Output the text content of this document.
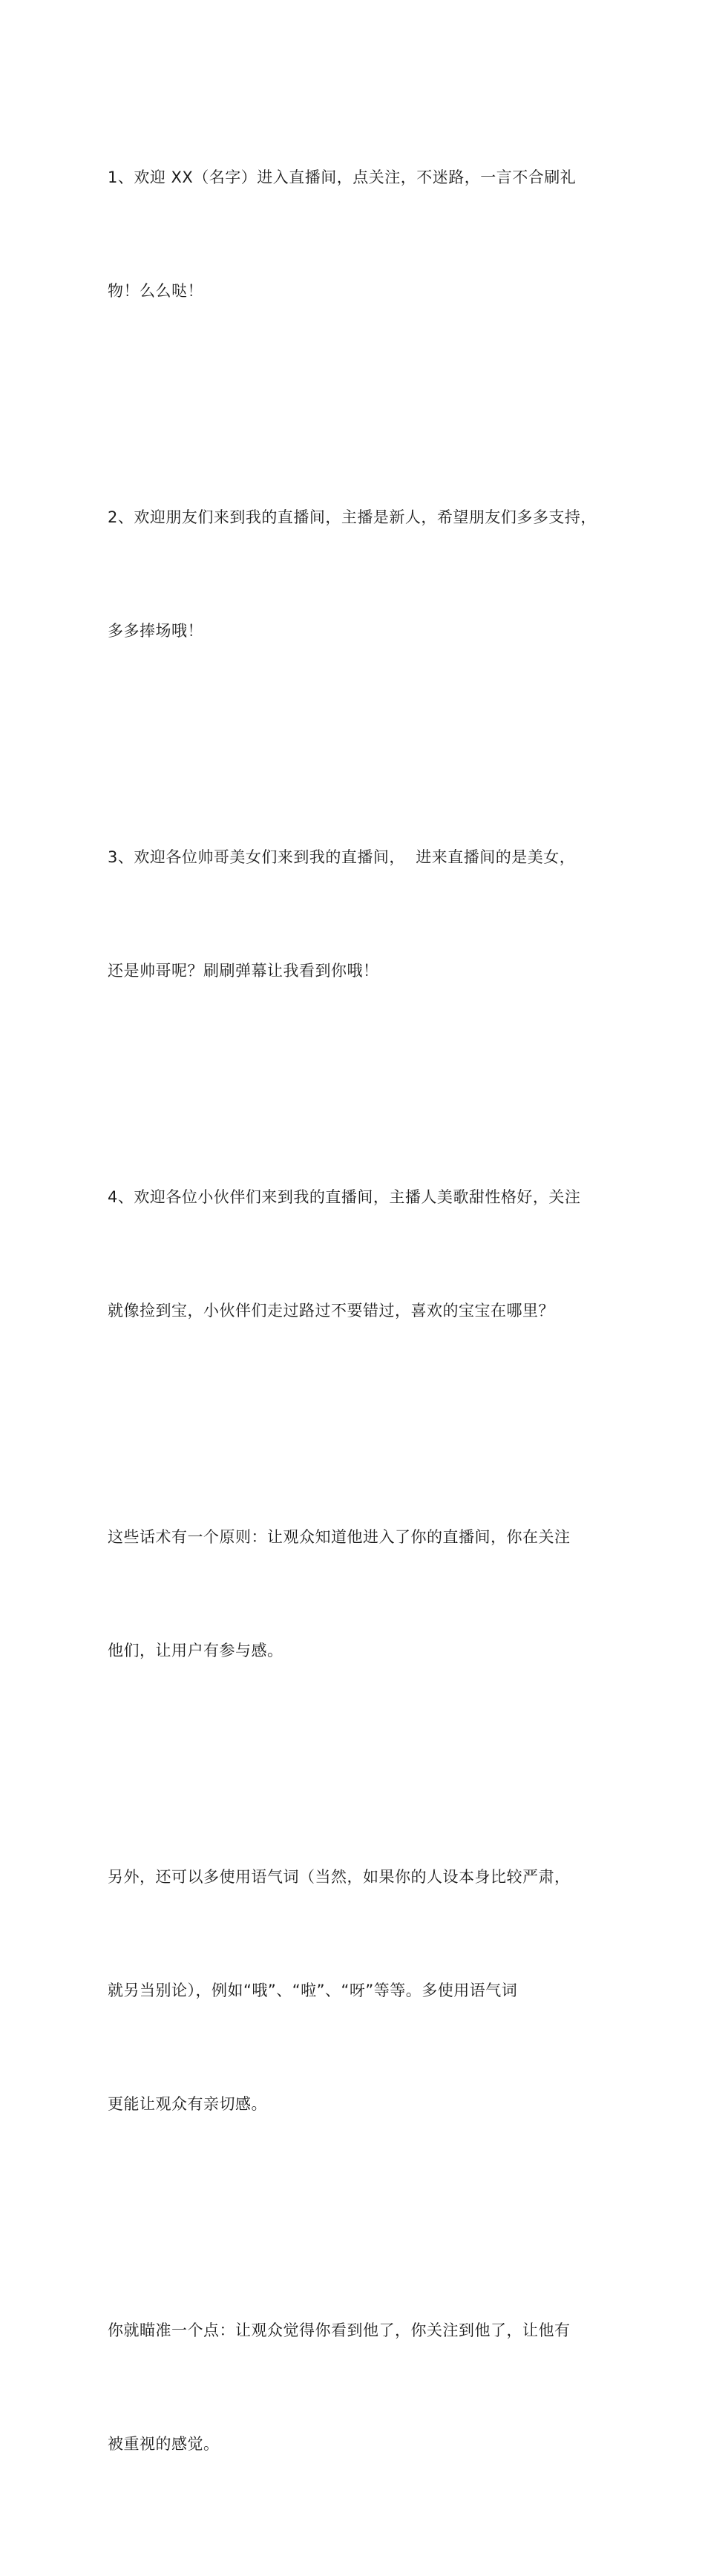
1、欢迎 XX（名字）进入直播间，点关注，不迷路，一言不合刷礼

物！么么哒！

2、欢迎朋友们来到我的直播间，主播是新人，希望朋友们多多支持，

多多捧场哦！

3、欢迎各位帅哥美女们来到我的直播间，  进来直播间的是美女，

还是帅哥呢？刷刷弹幕让我看到你哦！

4、欢迎各位小伙伴们来到我的直播间，主播人美歌甜性格好，关注

就像捡到宝，小伙伴们走过路过不要错过，喜欢的宝宝在哪里？

这些话术有一个原则：让观众知道他进入了你的直播间，你在关注

他们，让用户有参与感。

另外，还可以多使用语气词（当然，如果你的人设本身比较严肃，

就另当别论），例如“哦”、“啦”、“呀”等等。多使用语气词

更能让观众有亲切感。

你就瞄准一个点：让观众觉得你看到他了，你关注到他了，让他有

被重视的感觉。
